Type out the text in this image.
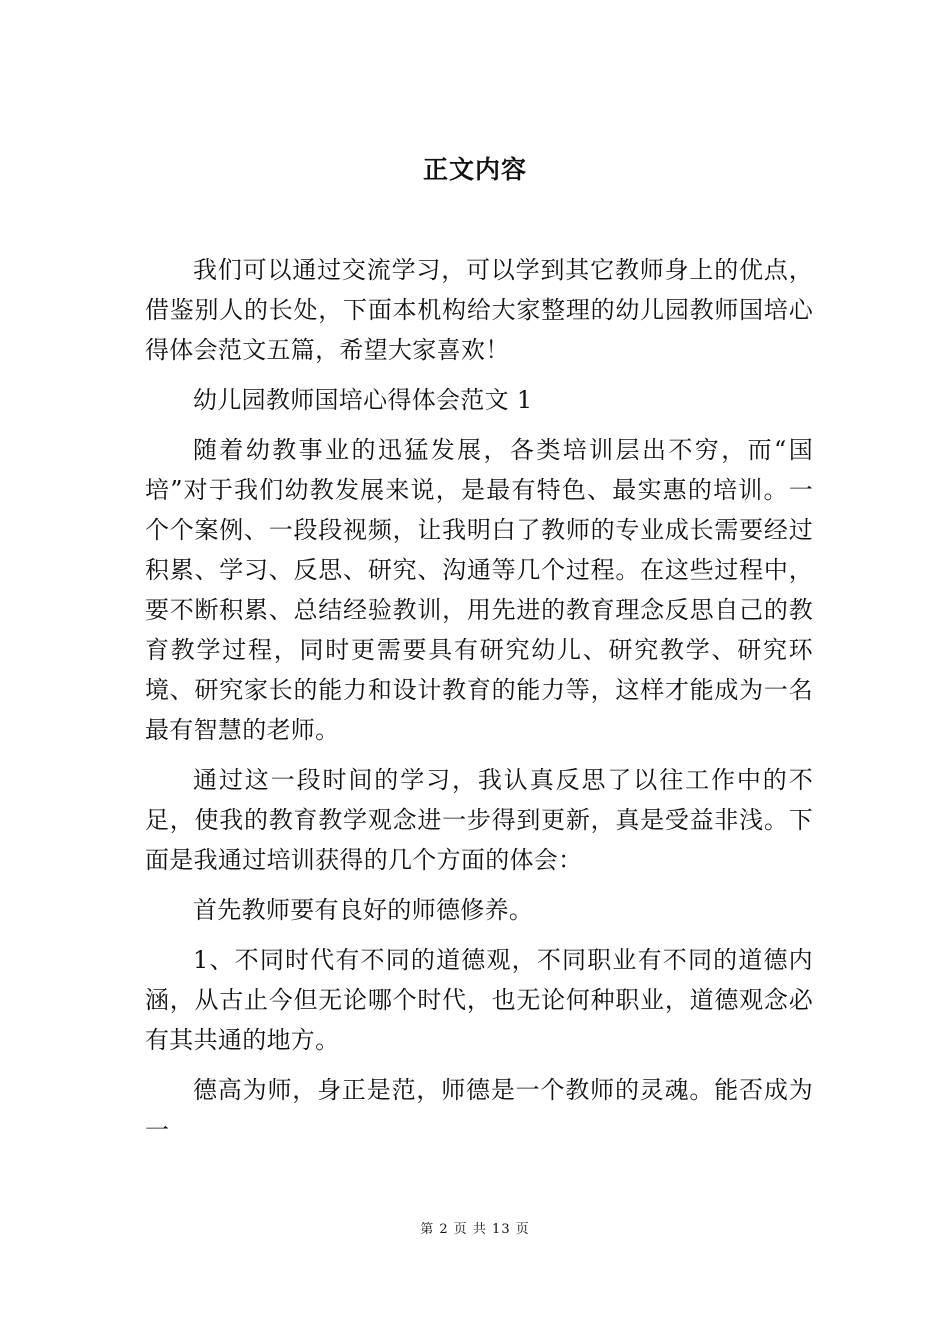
正文内容

我们可以通过交流学习，可以学到其它教师身上的优点，借鉴别人的长处，下面本机构给大家整理的幼儿园教师国培心得体会范文五篇，希望大家喜欢！

幼儿园教师国培心得体会范文 1

随着幼教事业的迅猛发展，各类培训层出不穷，而“国培”对于我们幼教发展来说，是最有特色、最实惠的培训。一个个案例、一段段视频，让我明白了教师的专业成长需要经过积累、学习、反思、研究、沟通等几个过程。在这些过程中，要不断积累、总结经验教训，用先进的教育理念反思自己的教育教学过程，同时更需要具有研究幼儿、研究教学、研究环境、研究家长的能力和设计教育的能力等，这样才能成为一名最有智慧的老师。

通过这一段时间的学习，我认真反思了以往工作中的不足，使我的教育教学观念进一步得到更新，真是受益非浅。下面是我通过培训获得的几个方面的体会：

首先教师要有良好的师德修养。

1、不同时代有不同的道德观，不同职业有不同的道德内涵，从古止今但无论哪个时代，也无论何种职业，道德观念必有其共通的地方。

德高为师，身正是范，师德是一个教师的灵魂。能否成为一

第 2 页 共 13 页
